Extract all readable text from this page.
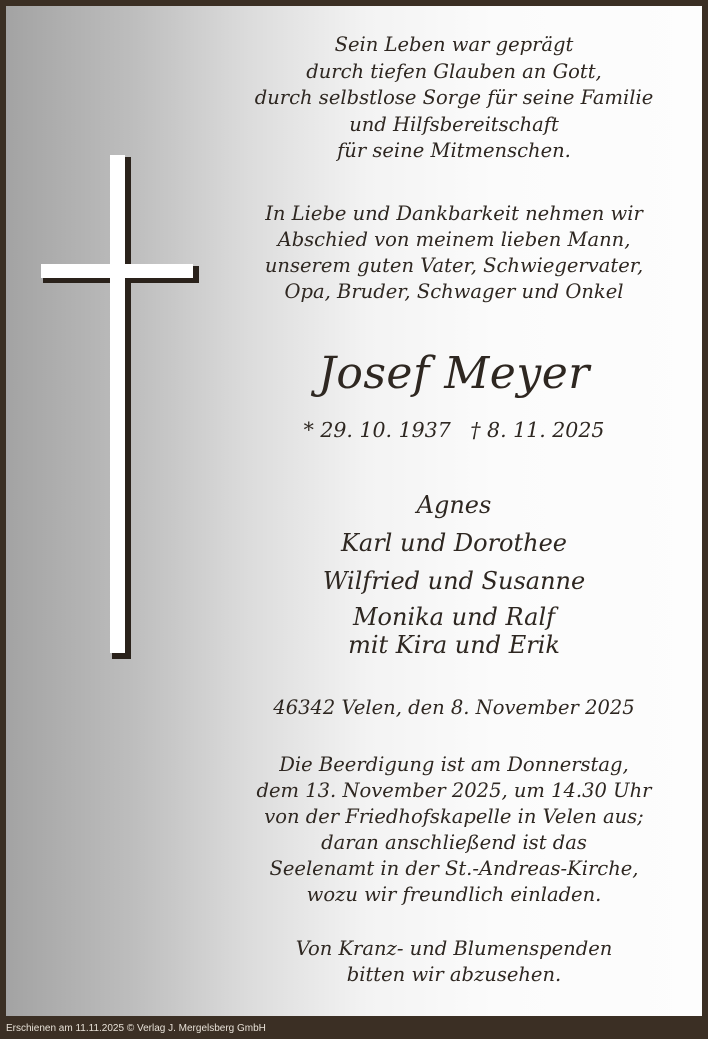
Sein Leben war geprägt
durch tiefen Glauben an Gott,
durch selbstlose Sorge für seine Familie
und Hilfsbereitschaft
für seine Mitmenschen.
In Liebe und Dankbarkeit nehmen wir
Abschied von meinem lieben Mann,
unserem guten Vater, Schwiegervater,
Opa, Bruder, Schwager und Onkel
Josef Meyer
* 29. 10. 1937   † 8. 11. 2025
Agnes
Karl und Dorothee
Wilfried und Susanne
Monika und Ralf
mit Kira und Erik
46342 Velen, den 8. November 2025
Die Beerdigung ist am Donnerstag,
dem 13. November 2025, um 14.30 Uhr
von der Friedhofskapelle in Velen aus;
daran anschließend ist das
Seelenamt in der St.-Andreas-Kirche,
wozu wir freundlich einladen.
Von Kranz- und Blumenspenden
bitten wir abzusehen.
Erschienen am 11.11.2025 © Verlag J. Mergelsberg GmbH
